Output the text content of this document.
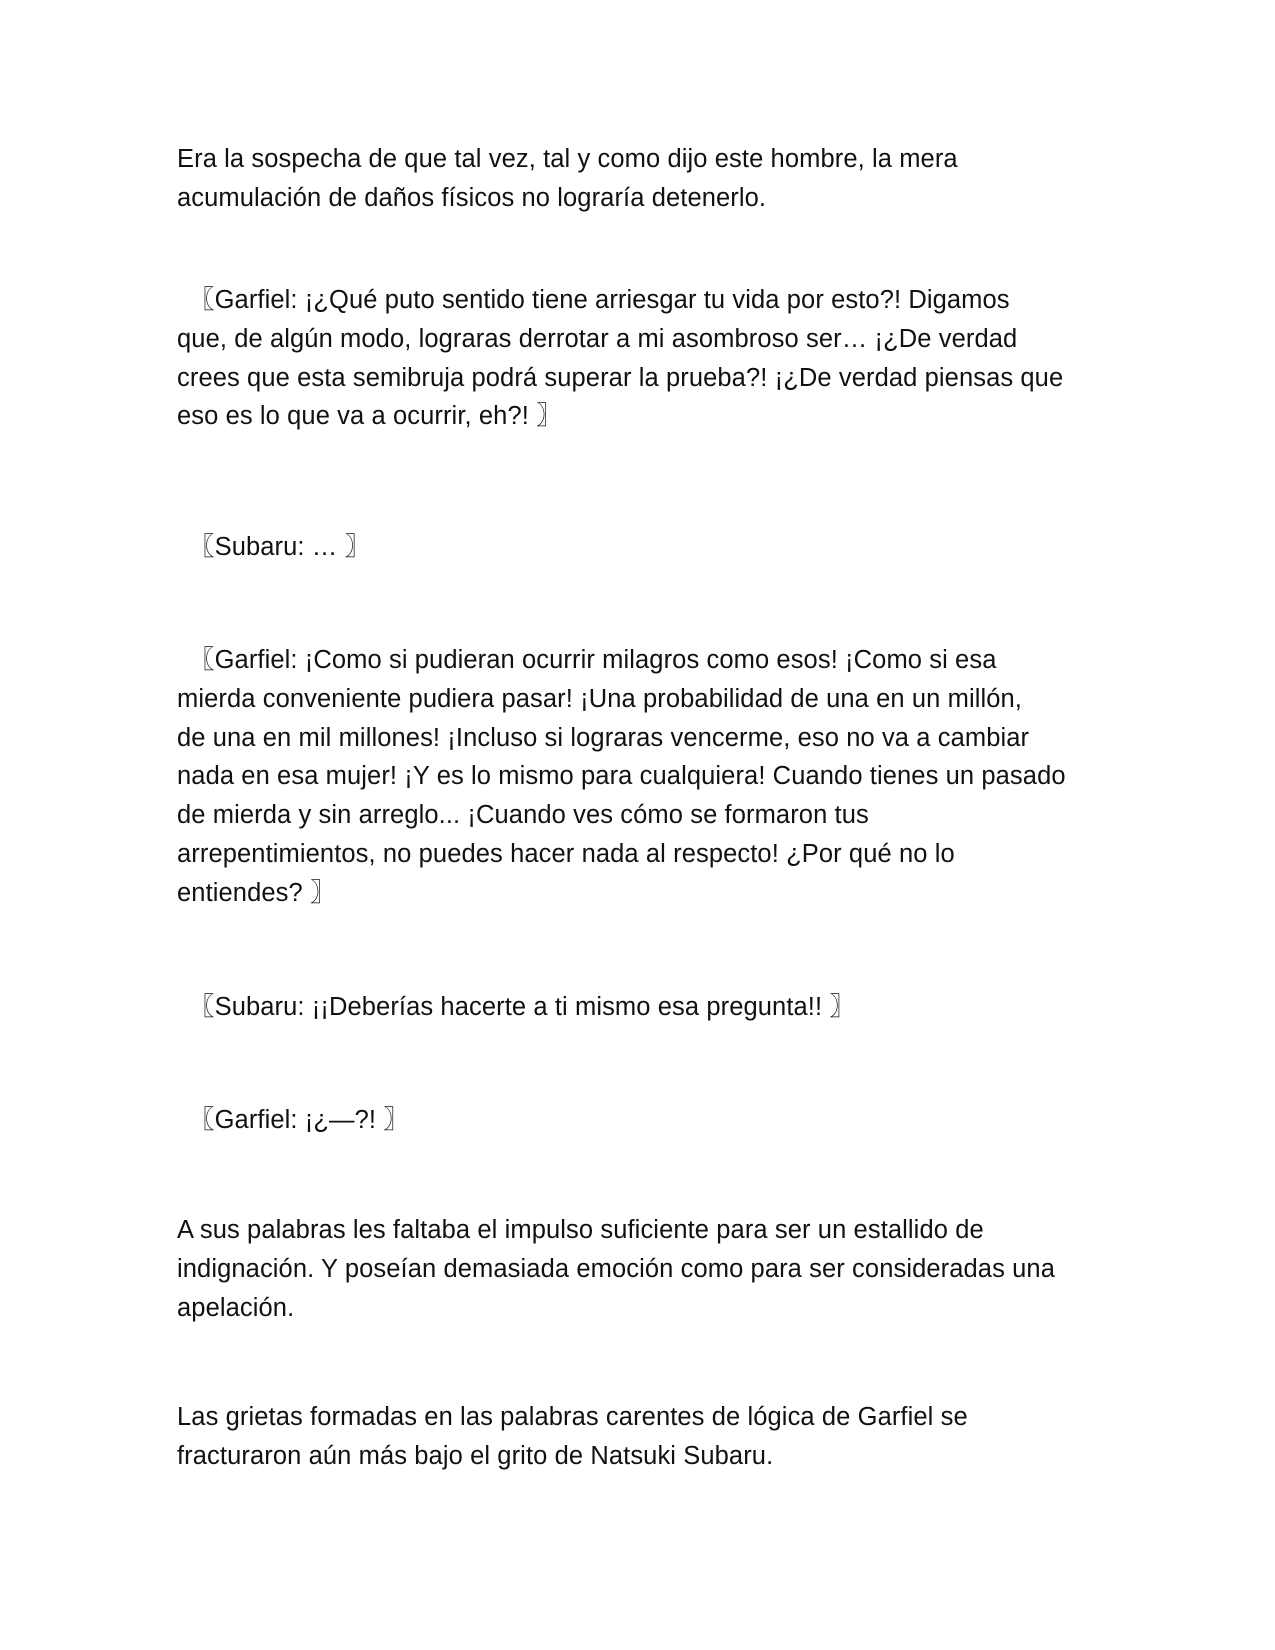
Era la sospecha de que tal vez, tal y como dijo este hombre, la mera
acumulación de daños físicos no lograría detenerlo.

〖Garfiel: ¡¿Qué puto sentido tiene arriesgar tu vida por esto?! Digamos
que, de algún modo, lograras derrotar a mi asombroso ser… ¡¿De verdad
crees que esta semibruja podrá superar la prueba?! ¡¿De verdad piensas que
eso es lo que va a ocurrir, eh?! 〗

〖Subaru: … 〗

〖Garfiel: ¡Como si pudieran ocurrir milagros como esos! ¡Como si esa
mierda conveniente pudiera pasar! ¡Una probabilidad de una en un millón,
de una en mil millones! ¡Incluso si lograras vencerme, eso no va a cambiar
nada en esa mujer! ¡Y es lo mismo para cualquiera! Cuando tienes un pasado
de mierda y sin arreglo... ¡Cuando ves cómo se formaron tus
arrepentimientos, no puedes hacer nada al respecto! ¿Por qué no lo
entiendes? 〗

〖Subaru: ¡¡Deberías hacerte a ti mismo esa pregunta!! 〗

〖Garfiel: ¡¿—?! 〗

A sus palabras les faltaba el impulso suficiente para ser un estallido de
indignación. Y poseían demasiada emoción como para ser consideradas una
apelación.

Las grietas formadas en las palabras carentes de lógica de Garfiel se
fracturaron aún más bajo el grito de Natsuki Subaru.
